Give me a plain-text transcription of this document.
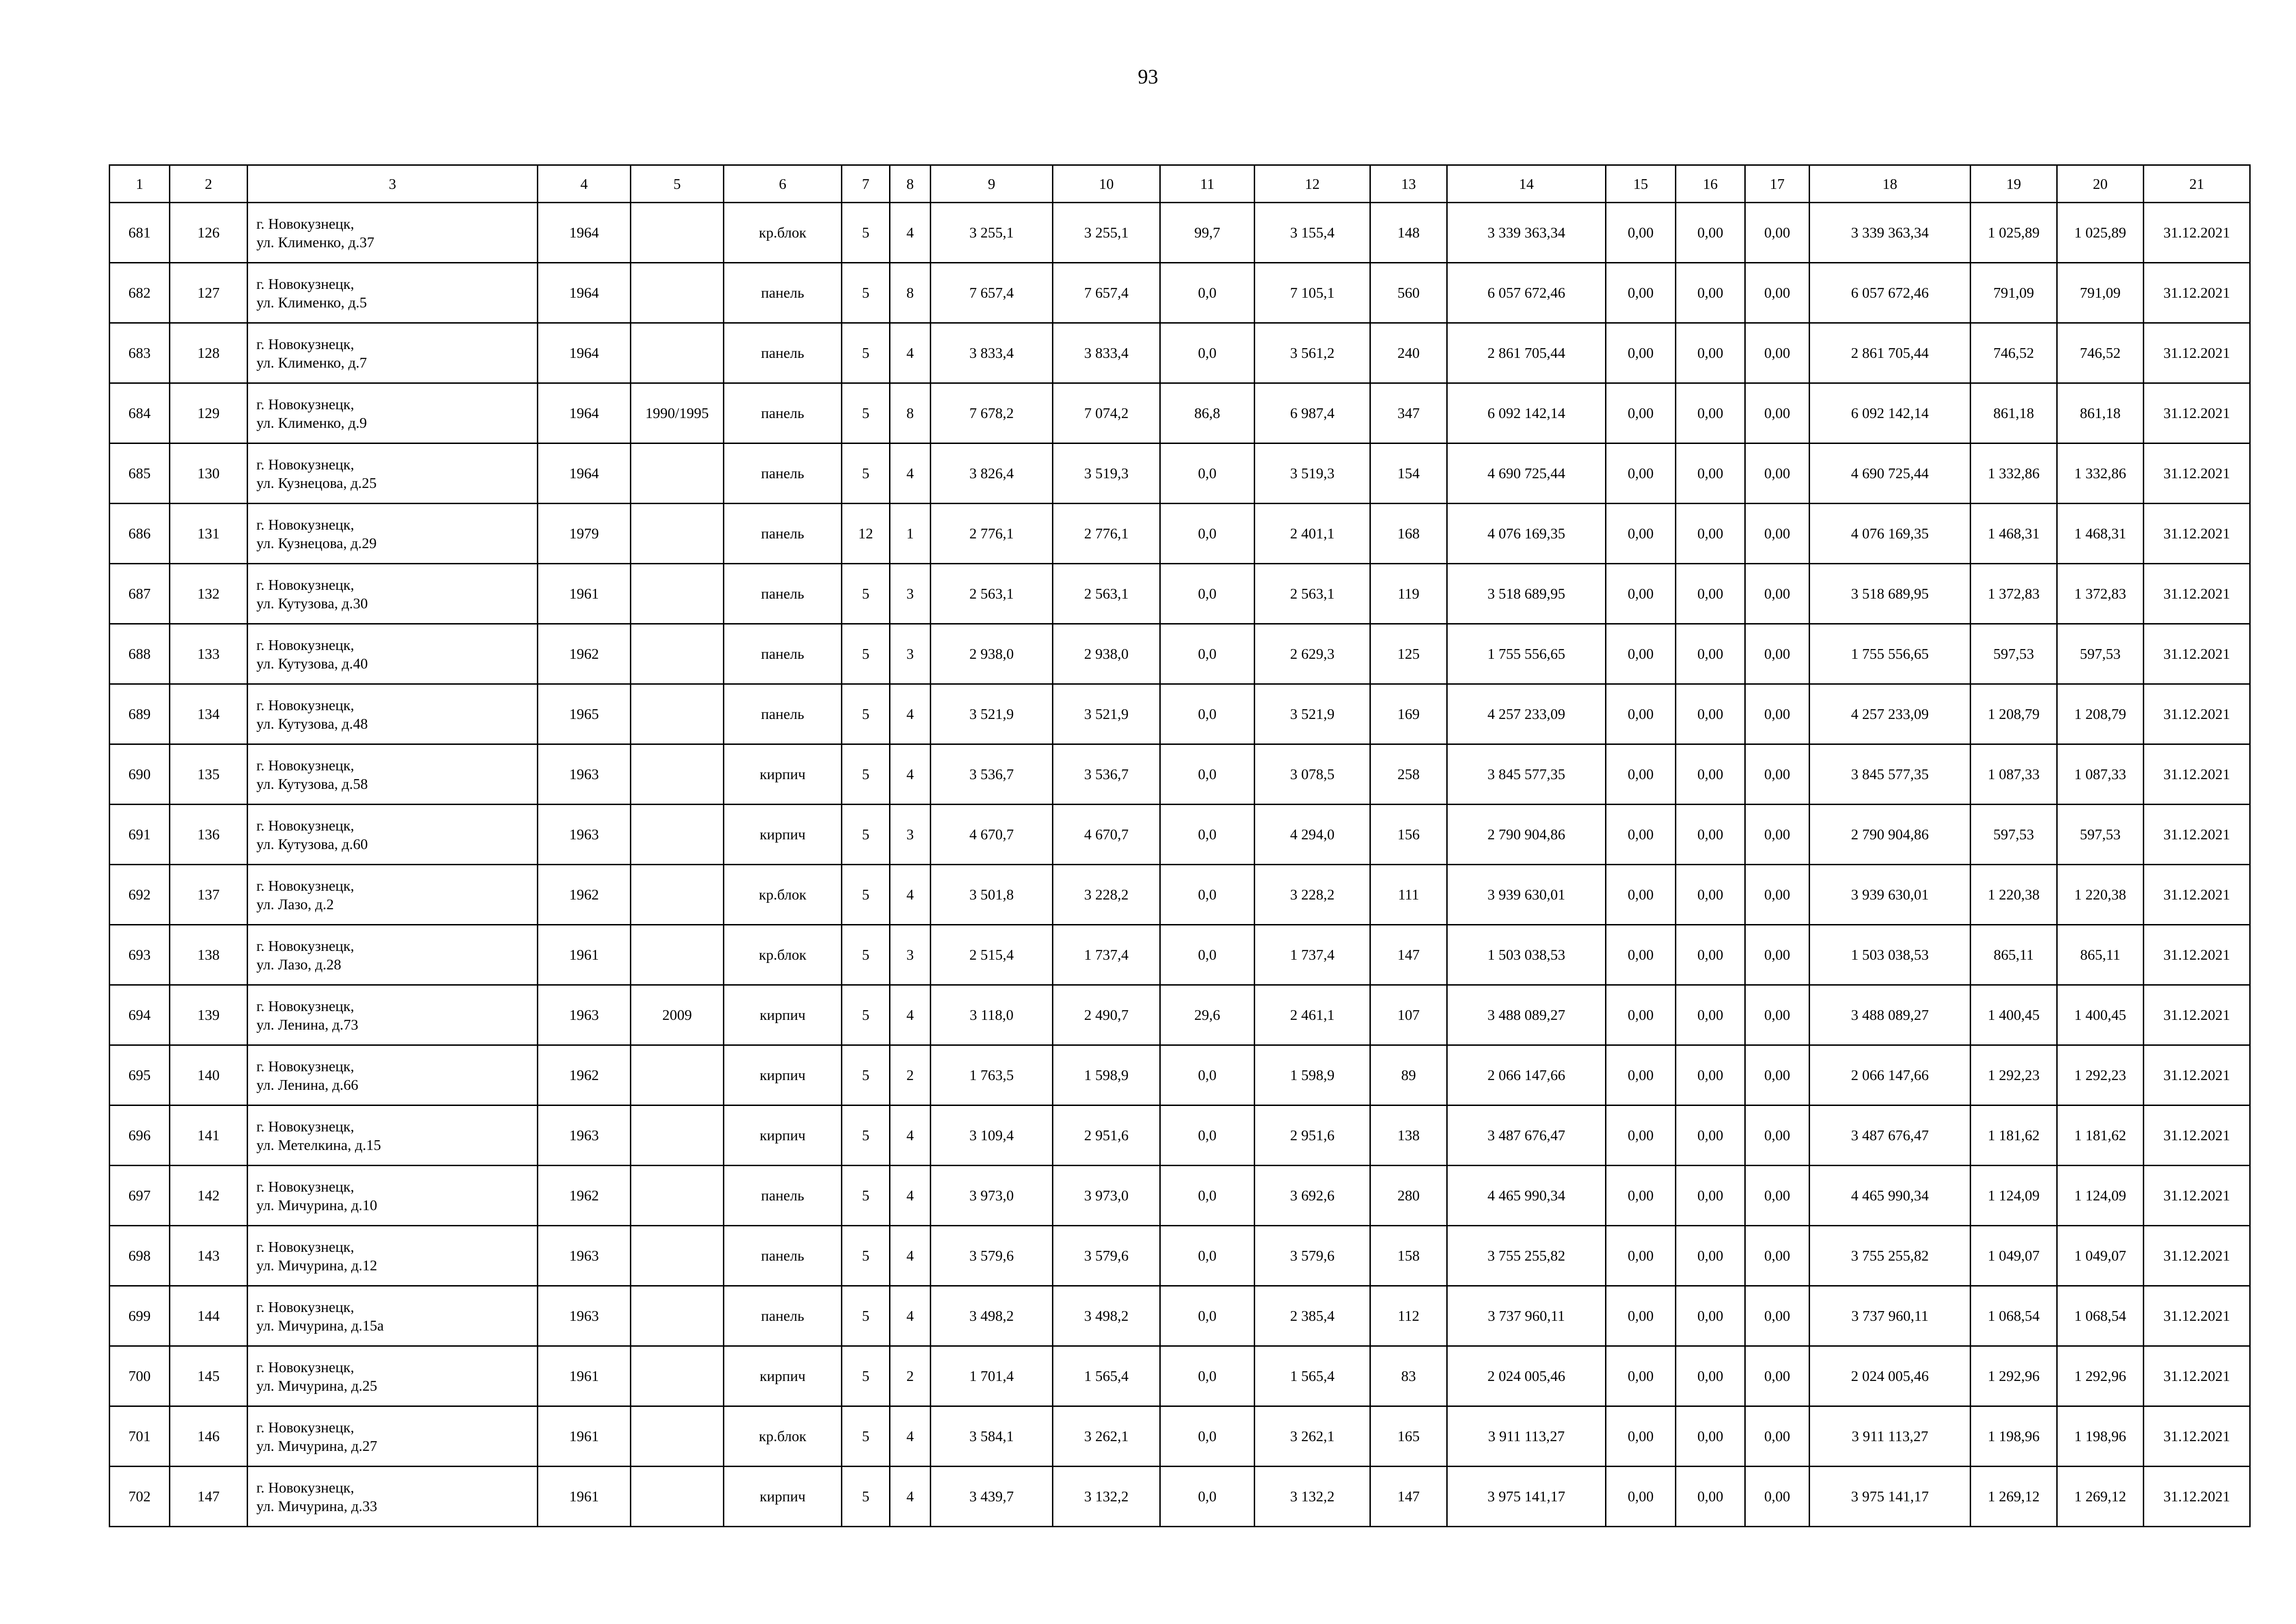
93
1	2	3	4	5	6	7	8	9	10	11	12	13	14	15	16	17	18	19	20	21
681	126	г. Новокузнецк,
ул. Клименко, д.37	1964		кр.блок	5	4	3 255,1	3 255,1	99,7	3 155,4	148	3 339 363,34	0,00	0,00	0,00	3 339 363,34	1 025,89	1 025,89	31.12.2021
682	127	г. Новокузнецк,
ул. Клименко, д.5	1964		панель	5	8	7 657,4	7 657,4	0,0	7 105,1	560	6 057 672,46	0,00	0,00	0,00	6 057 672,46	791,09	791,09	31.12.2021
683	128	г. Новокузнецк,
ул. Клименко, д.7	1964		панель	5	4	3 833,4	3 833,4	0,0	3 561,2	240	2 861 705,44	0,00	0,00	0,00	2 861 705,44	746,52	746,52	31.12.2021
684	129	г. Новокузнецк,
ул. Клименко, д.9	1964	1990/1995	панель	5	8	7 678,2	7 074,2	86,8	6 987,4	347	6 092 142,14	0,00	0,00	0,00	6 092 142,14	861,18	861,18	31.12.2021
685	130	г. Новокузнецк,
ул. Кузнецова, д.25	1964		панель	5	4	3 826,4	3 519,3	0,0	3 519,3	154	4 690 725,44	0,00	0,00	0,00	4 690 725,44	1 332,86	1 332,86	31.12.2021
686	131	г. Новокузнецк,
ул. Кузнецова, д.29	1979		панель	12	1	2 776,1	2 776,1	0,0	2 401,1	168	4 076 169,35	0,00	0,00	0,00	4 076 169,35	1 468,31	1 468,31	31.12.2021
687	132	г. Новокузнецк,
ул. Кутузова, д.30	1961		панель	5	3	2 563,1	2 563,1	0,0	2 563,1	119	3 518 689,95	0,00	0,00	0,00	3 518 689,95	1 372,83	1 372,83	31.12.2021
688	133	г. Новокузнецк,
ул. Кутузова, д.40	1962		панель	5	3	2 938,0	2 938,0	0,0	2 629,3	125	1 755 556,65	0,00	0,00	0,00	1 755 556,65	597,53	597,53	31.12.2021
689	134	г. Новокузнецк,
ул. Кутузова, д.48	1965		панель	5	4	3 521,9	3 521,9	0,0	3 521,9	169	4 257 233,09	0,00	0,00	0,00	4 257 233,09	1 208,79	1 208,79	31.12.2021
690	135	г. Новокузнецк,
ул. Кутузова, д.58	1963		кирпич	5	4	3 536,7	3 536,7	0,0	3 078,5	258	3 845 577,35	0,00	0,00	0,00	3 845 577,35	1 087,33	1 087,33	31.12.2021
691	136	г. Новокузнецк,
ул. Кутузова, д.60	1963		кирпич	5	3	4 670,7	4 670,7	0,0	4 294,0	156	2 790 904,86	0,00	0,00	0,00	2 790 904,86	597,53	597,53	31.12.2021
692	137	г. Новокузнецк,
ул. Лазо, д.2	1962		кр.блок	5	4	3 501,8	3 228,2	0,0	3 228,2	111	3 939 630,01	0,00	0,00	0,00	3 939 630,01	1 220,38	1 220,38	31.12.2021
693	138	г. Новокузнецк,
ул. Лазо, д.28	1961		кр.блок	5	3	2 515,4	1 737,4	0,0	1 737,4	147	1 503 038,53	0,00	0,00	0,00	1 503 038,53	865,11	865,11	31.12.2021
694	139	г. Новокузнецк,
ул. Ленина, д.73	1963	2009	кирпич	5	4	3 118,0	2 490,7	29,6	2 461,1	107	3 488 089,27	0,00	0,00	0,00	3 488 089,27	1 400,45	1 400,45	31.12.2021
695	140	г. Новокузнецк,
ул. Ленина, д.66	1962		кирпич	5	2	1 763,5	1 598,9	0,0	1 598,9	89	2 066 147,66	0,00	0,00	0,00	2 066 147,66	1 292,23	1 292,23	31.12.2021
696	141	г. Новокузнецк,
ул. Метелкина, д.15	1963		кирпич	5	4	3 109,4	2 951,6	0,0	2 951,6	138	3 487 676,47	0,00	0,00	0,00	3 487 676,47	1 181,62	1 181,62	31.12.2021
697	142	г. Новокузнецк,
ул. Мичурина, д.10	1962		панель	5	4	3 973,0	3 973,0	0,0	3 692,6	280	4 465 990,34	0,00	0,00	0,00	4 465 990,34	1 124,09	1 124,09	31.12.2021
698	143	г. Новокузнецк,
ул. Мичурина, д.12	1963		панель	5	4	3 579,6	3 579,6	0,0	3 579,6	158	3 755 255,82	0,00	0,00	0,00	3 755 255,82	1 049,07	1 049,07	31.12.2021
699	144	г. Новокузнецк,
ул. Мичурина, д.15а	1963		панель	5	4	3 498,2	3 498,2	0,0	2 385,4	112	3 737 960,11	0,00	0,00	0,00	3 737 960,11	1 068,54	1 068,54	31.12.2021
700	145	г. Новокузнецк,
ул. Мичурина, д.25	1961		кирпич	5	2	1 701,4	1 565,4	0,0	1 565,4	83	2 024 005,46	0,00	0,00	0,00	2 024 005,46	1 292,96	1 292,96	31.12.2021
701	146	г. Новокузнецк,
ул. Мичурина, д.27	1961		кр.блок	5	4	3 584,1	3 262,1	0,0	3 262,1	165	3 911 113,27	0,00	0,00	0,00	3 911 113,27	1 198,96	1 198,96	31.12.2021
702	147	г. Новокузнецк,
ул. Мичурина, д.33	1961		кирпич	5	4	3 439,7	3 132,2	0,0	3 132,2	147	3 975 141,17	0,00	0,00	0,00	3 975 141,17	1 269,12	1 269,12	31.12.2021
